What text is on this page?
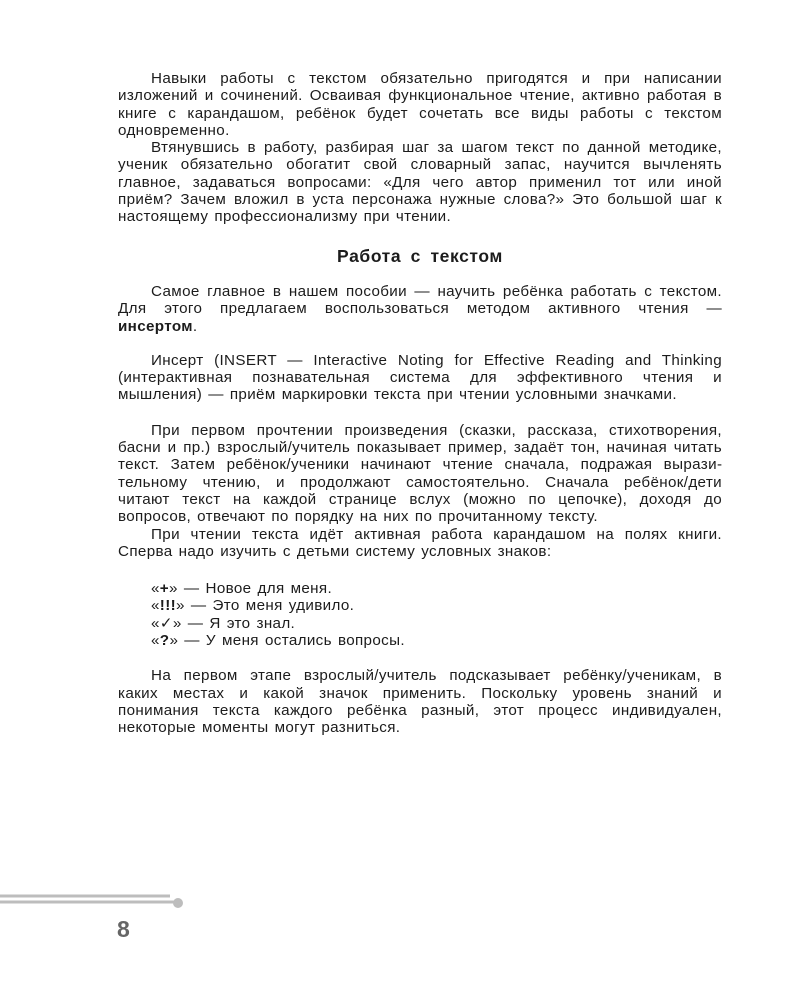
Навыки работы с текстом обязательно пригодятся и при написании изложений и сочинений. Осваивая функциональное чтение, активно работая в книге с карандашом, ребёнок будет сочетать все виды работы с текстом одновременно.

Втянувшись в работу, разбирая шаг за шагом текст по данной методике, ученик обязательно обогатит свой словарный запас, научится вычленять главное, задаваться вопросами: «Для чего автор применил тот или иной приём? Зачем вложил в уста персонажа нужные слова?» Это большой шаг к настоящему профессионализму при чтении.

Работа с текстом

Самое главное в нашем пособии — научить ребёнка работать с текстом. Для этого предлагаем воспользоваться методом активного чтения — инсертом.

Инсерт (INSERT — Interactive Noting for Effective Reading and Thinking (интерактивная познавательная система для эффективного чтения и мышления) — приём маркировки текста при чтении условными значками.

При первом прочтении произведения (сказки, рассказа, стихотворения, басни и пр.) взрослый/учитель показывает пример, задаёт тон, начиная читать текст. Затем ребёнок/ученики начинают чтение сначала, подражая выразительному чтению, и продолжают самостоятельно. Сначала ребёнок/дети читают текст на каждой странице вслух (можно по цепочке), доходя до вопросов, отвечают по порядку на них по прочитанному тексту.

При чтении текста идёт активная работа карандашом на полях книги. Сперва надо изучить с детьми систему условных знаков:

«+» — Новое для меня.
«!!!» — Это меня удивило.
«✓» — Я это знал.
«?» — У меня остались вопросы.

На первом этапе взрослый/учитель подсказывает ребёнку/ученикам, в каких местах и какой значок применить. Поскольку уровень знаний и понимания текста каждого ребёнка разный, этот процесс индивидуален, некоторые моменты могут разниться.

8
